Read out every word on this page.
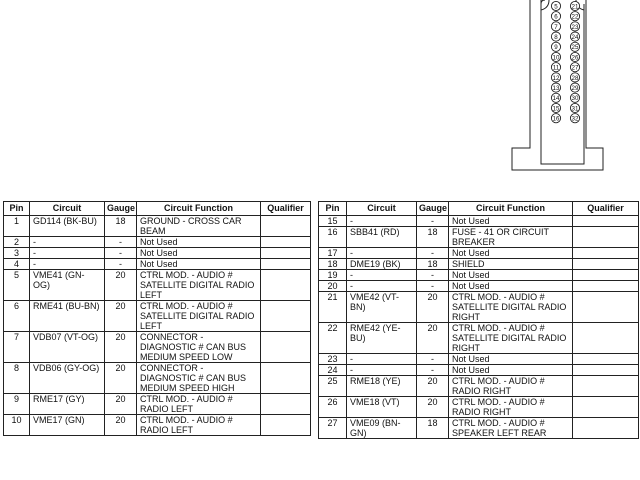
5 21
6 22
7 23
8 24
9 25
10 26
11 27
12 28
13 29
14 30
15 31
16 32
Pin	Circuit	Gauge	Circuit Function	Qualifier
1	GD114 (BK-BU)	18	GROUND - CROSS CAR BEAM	
2	-	-	Not Used	
3	-	-	Not Used	
4	-	-	Not Used	
5	VME41 (GN-OG)	20	CTRL MOD. - AUDIO # SATELLITE DIGITAL RADIO LEFT	
6	RME41 (BU-BN)	20	CTRL MOD. - AUDIO # SATELLITE DIGITAL RADIO LEFT	
7	VDB07 (VT-OG)	20	CONNECTOR - DIAGNOSTIC # CAN BUS MEDIUM SPEED LOW	
8	VDB06 (GY-OG)	20	CONNECTOR - DIAGNOSTIC # CAN BUS MEDIUM SPEED HIGH	
9	RME17 (GY)	20	CTRL MOD. - AUDIO # RADIO LEFT	
10	VME17 (GN)	20	CTRL MOD. - AUDIO # RADIO LEFT	
Pin	Circuit	Gauge	Circuit Function	Qualifier
15	-	-	Not Used	
16	SBB41 (RD)	18	FUSE - 41 OR CIRCUIT BREAKER	
17	-	-	Not Used	
18	DME19 (BK)	18	SHIELD	
19	-	-	Not Used	
20	-	-	Not Used	
21	VME42 (VT-BN)	20	CTRL MOD. - AUDIO # SATELLITE DIGITAL RADIO RIGHT	
22	RME42 (YE-BU)	20	CTRL MOD. - AUDIO # SATELLITE DIGITAL RADIO RIGHT	
23	-	-	Not Used	
24	-	-	Not Used	
25	RME18 (YE)	20	CTRL MOD. - AUDIO # RADIO RIGHT	
26	VME18 (VT)	20	CTRL MOD. - AUDIO # RADIO RIGHT	
27	VME09 (BN-GN)	18	CTRL MOD. - AUDIO # SPEAKER LEFT REAR	
